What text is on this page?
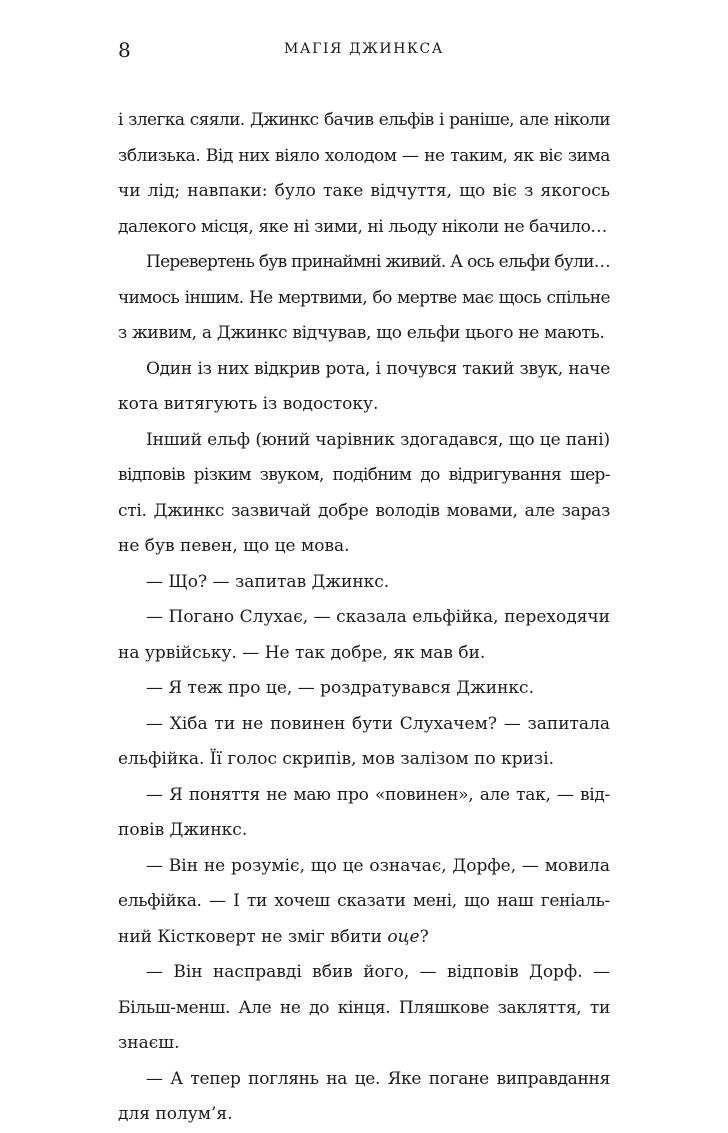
8	МАГІЯ ДЖИНКСА
і злегка сяяли. Джинкс бачив ельфів і раніше, але ніколи
зблизька. Від них віяло холодом — не таким, як віє зима
чи лід; навпаки: було таке відчуття, що віє з якогось
далекого місця, яке ні зими, ні льоду ніколи не бачило…
Перевертень був принаймні живий. А ось ельфи були…
чимось іншим. Не мертвими, бо мертве має щось спільне
з живим, а Джинкс відчував, що ельфи цього не мають.
Один із них відкрив рота, і почувся такий звук, наче
кота витягують із водостоку.
Інший ельф (юний чарівник здогадався, що це пані)
відповів різким звуком, подібним до відригування шер-
сті. Джинкс зазвичай добре володів мовами, але зараз
не був певен, що це мова.
— Що? — запитав Джинкс.
— Погано Слухає, — сказала ельфійка, переходячи
на урвійську. — Не так добре, як мав би.
— Я теж про це, — роздратувався Джинкс.
— Хіба ти не повинен бути Слухачем? — запитала
ельфійка. Її голос скрипів, мов залізом по кризі.
— Я поняття не маю про «повинен», але так, — від-
повів Джинкс.
— Він не розуміє, що це означає, Дорфе, — мовила
ельфійка. — І ти хочеш сказати мені, що наш геніаль-
ний Кістковерт не зміг вбити оце?
— Він насправді вбив його, — відповів Дорф. —
Більш-менш. Але не до кінця. Пляшкове закляття, ти
знаєш.
— А тепер поглянь на це. Яке погане виправдання
для полум’я.
